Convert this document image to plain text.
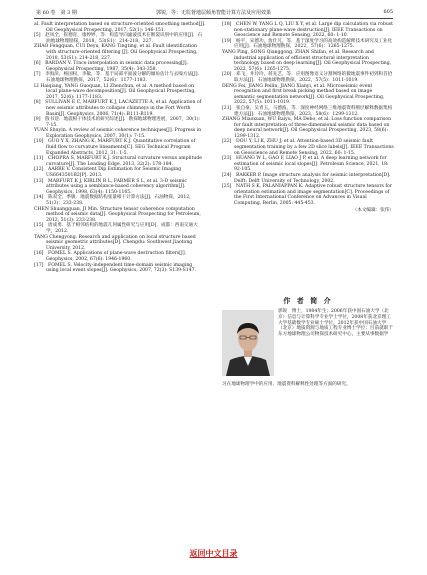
第 60 卷　第 3 期	郭锐，等：无监督地层倾角智能计算方法及应用效果	605

al. Fault interpretation based on structure-oriented smoothing method[J]. Oil Geophysical Prospecting, 2017, 52(1): 146-151.

[5]　赵凤全，崔德育，康婷婷，等．构造导向滤波技术在断裂识别中的应用[J]．石油地球物理勘探，2018，53(S1)：214-218，227.

ZHAO Fengquan, CUI Deyu, KANG Tingting, et al. Fault identification with structure-oriented filtering [J]. Oil Geophysical Prospecting, 2018, 53(S1): 214-218, 227.

[6]　BARDAN V. Trace interpolation in seismic data processing[J]. Geophysical Prospecting, 1987, 35(4): 343-358.

[7]　李海滨，杨国权，李敏，等．基于局部平面波分解的倾角估计与去噪方法[J]．石油地球物理勘探，2017，52(6)：1177-1183.

LI Haiqiang, YANG Guoquan, LI Zhenchun, et al. A method based on local plane-wave decomposition[J]. Oil Geophysical Prospecting, 2017, 52(6): 1177-1183.

[8]　SULLIVAN E C, MARFURT K J, LACAZETTE A, et al. Application of new seismic attributes to collapse chimneys in the Fort Worth Basin[J]. Geophysics, 2006, 71(4): B111-B119.

[9]　殷书迎．地震相干体技术的研究综述[J]．勘探地球物理进展，2007，30(1)：7-15.

YUAN Shuyin. A review of seismic coherence techniques[J]. Progress in Exploration Geophysics, 2007, 30(1): 7-15.

[10]　GUO Y X, ZHANG K, MARFURT K J. Quantitative correlation of fluid flow to curvature lineaments[C]. SEG Technical Program Expanded Abstracts, 2012, 31: 1-5.

[11]　CHOPRA S, MARFURT K J. Structural curvature versus amplitude curvature[J]. The Leading Edge, 2013, 32(2): 178-184.

[12]　AARRE V. Consistent Dip Estimation for Seismic Imaging US6643501B2[P]. 2013.

[13]　MARFURT K J, KIRLIN R L, FARMER S L, et al. 3-D seismic attributes using a semblance-based coherency algorithm[J]. Geophysics, 1998, 63(4): 1150-1165.

[14]　陈双全，季敏．地震数据结构张量相干计算方法[J]．石油物探，2012，51(3)：233-238.

CHEN Shuangquan, JI Min. Structure tensor coherence computation method of seismic data[J]. Geophysical Prospecting for Petroleum, 2012, 51(3): 233-238.

[15]　唐成勇．基于相邻结构的地震几何属性研究与应用[D]．成都：西南交通大学，2012.

TANG Chengyong. Research and application on local structure based seismic geometric attributes[D]. Chengdu: Southwest Jiaotong University, 2012.

[16]　FOMEL S. Applications of plane-wave destruction filters[J]. Geophysics, 2002, 67(6): 1946-1960.

[17]　FOMEL S. Velocity-independent time-domain seismic imaging using local event slopes[J]. Geophysics, 2007, 72(3): S139-S147.

[18]　CHEN W, YANG L Q, LIU X Y, et al. Large dip calculation via robust non-stationary plane-wave destruction[J]. IEEE Transactions on Geoscience and Remote Sensing, 2022, 60: 1-10.

[19]　杨平，宋德功，詹仕凡，等．基于深度学习的高效构造解释技术研究及工业化应用[J]．石油地球物理勘探，2022，57(6)：1265-1275.

YANG Ping, SONG Qianggong, ZHAN Shifan, et al. Research and industrial application of efficient structural interpretation technology based on deep learning[J]. Oil Geophysical Prospecting, 2022, 57(6): 1265-1275.

[20]　邓飞，井玲玲，蒋先艺，等．应用图像语义分割网络的微地震事件初到和首拾取方法[J]．石油地球物理勘探，2022，57(5)：1011-1019.

DENG Fei, JIANG Peilin, JIANG Xianyi, et al. Microseismic event recognition and first break picking method based on image semantic segmentation network[J]. Oil Geophysical Prospecting, 2022, 57(5): 1011-1019.

[21]　张自豪，吴青玉，马德波，等．深度神经网络三维地震资料断层解释数据集构建方法[J]．石油地球物理勘探，2023，58(6)：1299-1312.

ZHANG Miaoxuan, WU Baiyu, MA Debo, et al. Loss function comparison for fault interpretation of three-dimensional seismic data based on deep neural network[J]. Oil Geophysical Prospecting, 2023, 58(6): 1299-1312.

[22]　DOU Y, LI K, ZHU J, et al. Attention-based 3D seismic fault segmentation training by a few 2D slice labels[J]. IEEE Transactions on Geoscience and Remote Sensing, 2022, 60: 1-15.

[23]　HUANG W L, GAO F, LIAO J P, et al. A deep learning network for estimation of seismic local slopes[J]. Petroleum Science, 2021, 18: 92-105.

[24]　BAKKER P. Image structure analysis for seismic interpretation[D]. Delft: Delft University of Technology, 2002.

[25]　NATH S K, PALANIAPPAN K. Adaptive robust structure tensors for orientation estimation and image segmentation[C]. Proceedings of the First International Conference on Advances in Visual Computing, Berlin, 2005: 445-453.

（本文编辑：张伟）

作 者 简 介
郭锐　博士，1984年生；2006年获中国石油大学（北京）信息与计算科学专业学士学位，2008年获北京理工大学基础数学专业硕士学位，2012年获中国石油大学（北京）地质资源与地质工程专业博士学位；目前就职于东方地球物理公司物探技术研究中心，主要从事数据学
习在地球物理学中的应用、地震资料解释性处理等方面的研究。
返回中文目录
